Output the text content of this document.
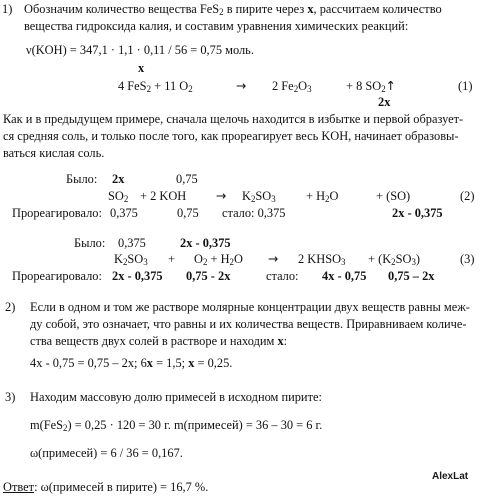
1) Обозначим количество вещества FeS$_2$ в пирите через x, рассчитаем количество
вещества гидроксида калия, и составим уравнения химических реакций:
ν(KOH) = 347,1 · 1,1 · 0,11 / 56 = 0,75 моль.
x
4 FeS$_2$ + 11 $O_2$	→ 2 $Fe_2O_3$	+ 8 $SO_2↑$	(1)
2x
Как и в предыдущем примере, сначала щелочь находится в избытке и первой образует-
ся средняя соль, и только после того, как прореагирует весь KOH, начинает образовы-
ваться кислая соль.
Было: 2x	0,75
$SO_2 + 2$ KOH → $K_2SO_3 + H_2O$	+ (SO)	(2)
Прореагировало: 0,375	0,75 стало: 0,375	2x - 0,375
Было: 0,375	2x - 0,375
$K_2SO_3 + O_2 + H_2O \to 2$ $KHSO_3 + (K_2SO_3)$	(3)
Прореагировало: 2x - 0,375 0,75 - 2x	стало: 4x - 0,75 0,75 – 2x
2) Если в одном и том же растворе молярные концентрации двух веществ равны меж-
ду собой, это означает, что равны и их количества веществ. Приравниваем количе-
ства веществ двух солей в растворе и находим x:
4x - 0,75 = 0,75 – 2x; 6x = 1,5; x = 0,25.
3) Находим массовую долю примесей в исходном пирите:
m(FeS$_2$) = 0,25 · 120 = 30 г. m(примесей) = 36 – 30 = 6 г.
ω(примесей) = 6 / 36 = 0,167.
Ответ: ω(примесей в пирите) = 16,7 %.
AlexLat
